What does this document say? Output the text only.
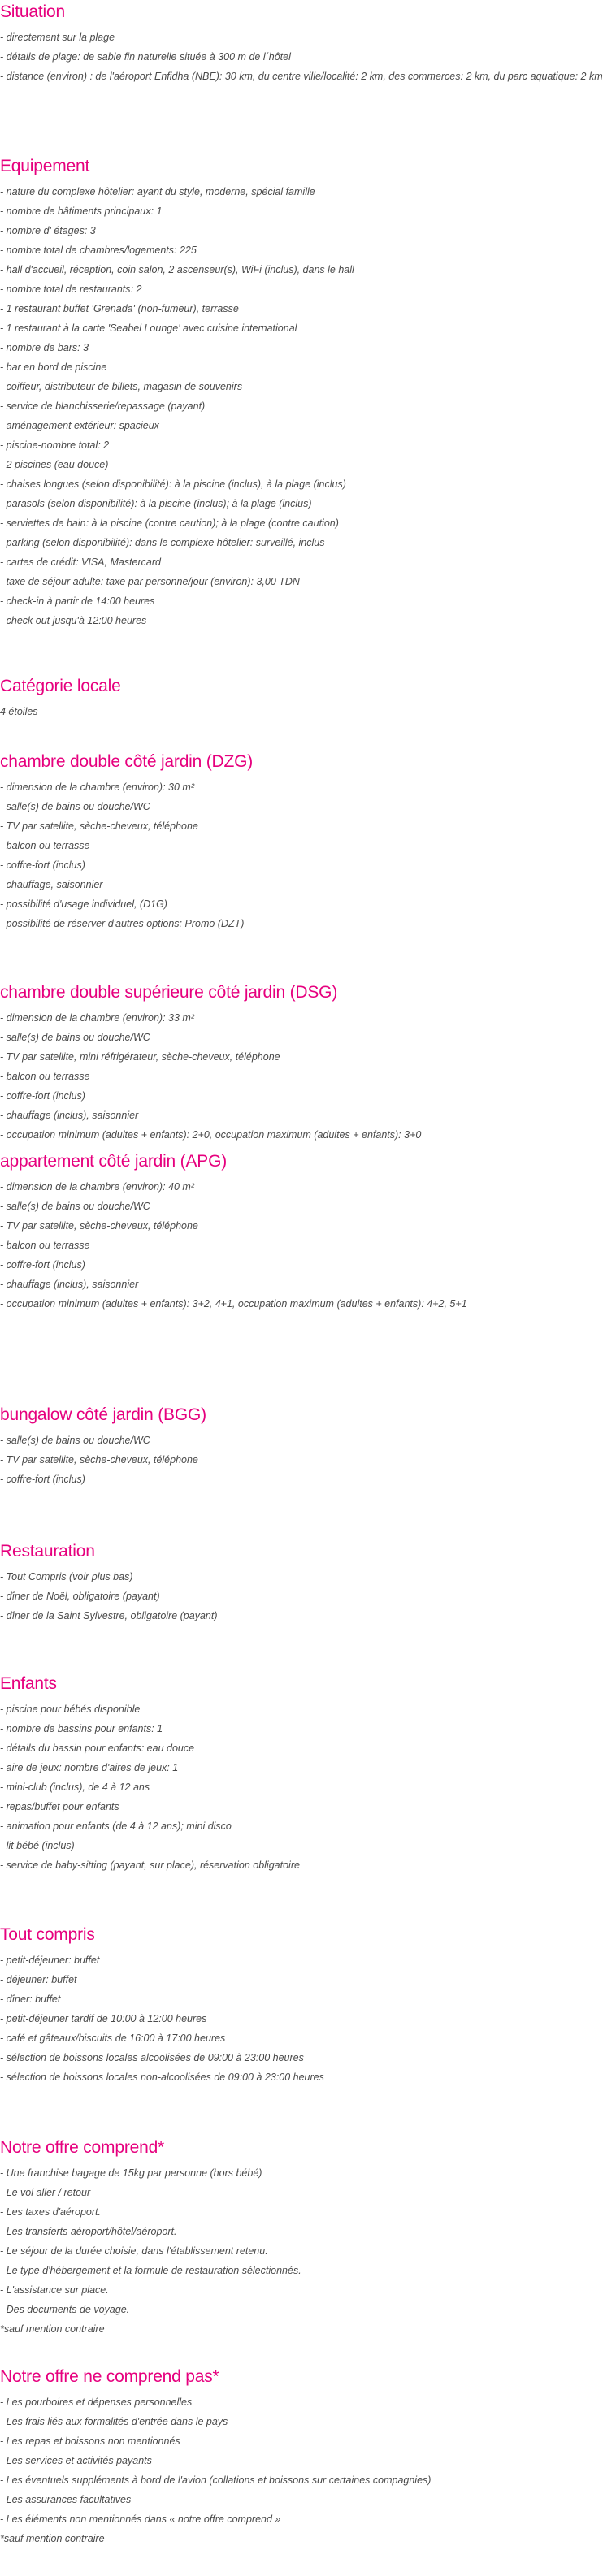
Situation
- directement sur la plage
- détails de plage: de sable fin naturelle située à 300 m de l´hôtel
- distance (environ) : de l'aéroport Enfidha (NBE): 30 km, du centre ville/localité: 2 km, des commerces: 2 km, du parc aquatique: 2 km
Equipement
- nature du complexe hôtelier: ayant du style, moderne, spécial famille
- nombre de bâtiments principaux: 1
- nombre d' étages: 3
- nombre total de chambres/logements: 225
- hall d'accueil, réception, coin salon, 2 ascenseur(s), WiFi (inclus), dans le hall
- nombre total de restaurants: 2
- 1 restaurant buffet 'Grenada' (non-fumeur), terrasse
- 1 restaurant à la carte 'Seabel Lounge' avec cuisine international
- nombre de bars: 3
- bar en bord de piscine
- coiffeur, distributeur de billets, magasin de souvenirs
- service de blanchisserie/repassage (payant)
- aménagement extérieur: spacieux
- piscine-nombre total: 2
- 2 piscines (eau douce)
- chaises longues (selon disponibilité): à la piscine (inclus), à la plage (inclus)
- parasols (selon disponibilité): à la piscine (inclus); à la plage (inclus)
- serviettes de bain: à la piscine (contre caution); à la plage (contre caution)
- parking (selon disponibilité): dans le complexe hôtelier: surveillé, inclus
- cartes de crédit: VISA, Mastercard
- taxe de séjour adulte: taxe par personne/jour (environ): 3,00 TDN
- check-in à partir de 14:00 heures
- check out jusqu'à 12:00 heures
Catégorie locale
4 étoiles
chambre double côté jardin (DZG)
- dimension de la chambre (environ): 30 m²
- salle(s) de bains ou douche/WC
- TV par satellite, sèche-cheveux, téléphone
- balcon ou terrasse
- coffre-fort (inclus)
- chauffage, saisonnier
- possibilité d'usage individuel, (D1G)
- possibilité de réserver d'autres options: Promo (DZT)
chambre double supérieure côté jardin (DSG)
- dimension de la chambre (environ): 33 m²
- salle(s) de bains ou douche/WC
- TV par satellite, mini réfrigérateur, sèche-cheveux, téléphone
- balcon ou terrasse
- coffre-fort (inclus)
- chauffage (inclus), saisonnier
- occupation minimum (adultes + enfants): 2+0, occupation maximum (adultes + enfants): 3+0
appartement côté jardin (APG)
- dimension de la chambre (environ): 40 m²
- salle(s) de bains ou douche/WC
- TV par satellite, sèche-cheveux, téléphone
- balcon ou terrasse
- coffre-fort (inclus)
- chauffage (inclus), saisonnier
- occupation minimum (adultes + enfants): 3+2, 4+1, occupation maximum (adultes + enfants): 4+2, 5+1
bungalow côté jardin (BGG)
- salle(s) de bains ou douche/WC
- TV par satellite, sèche-cheveux, téléphone
- coffre-fort (inclus)
Restauration
- Tout Compris (voir plus bas)
- dîner de Noël, obligatoire (payant)
- dîner de la Saint Sylvestre, obligatoire (payant)
Enfants
- piscine pour bébés disponible
- nombre de bassins pour enfants: 1
- détails du bassin pour enfants: eau douce
- aire de jeux: nombre d'aires de jeux: 1
- mini-club (inclus), de 4 à 12 ans
- repas/buffet pour enfants
- animation pour enfants (de 4 à 12 ans); mini disco
- lit bébé (inclus)
- service de baby-sitting (payant, sur place), réservation obligatoire
Tout compris
- petit-déjeuner: buffet
- déjeuner: buffet
- dîner: buffet
- petit-déjeuner tardif de 10:00 à 12:00 heures
- café et gâteaux/biscuits de 16:00 à 17:00 heures
- sélection de boissons locales alcoolisées de 09:00 à 23:00 heures
- sélection de boissons locales non-alcoolisées de 09:00 à 23:00 heures
Notre offre comprend*
- Une franchise bagage de 15kg par personne (hors bébé)
- Le vol aller / retour
- Les taxes d'aéroport.
- Les transferts aéroport/hôtel/aéroport.
- Le séjour de la durée choisie, dans l'établissement retenu.
- Le type d'hébergement et la formule de restauration sélectionnés.
- L'assistance sur place.
- Des documents de voyage.
*sauf mention contraire
Notre offre ne comprend pas*
- Les pourboires et dépenses personnelles
- Les frais liés aux formalités d'entrée dans le pays
- Les repas et boissons non mentionnés
- Les services et activités payants
- Les éventuels suppléments à bord de l'avion (collations et boissons sur certaines compagnies)
- Les assurances facultatives
- Les éléments non mentionnés dans « notre offre comprend »
*sauf mention contraire
